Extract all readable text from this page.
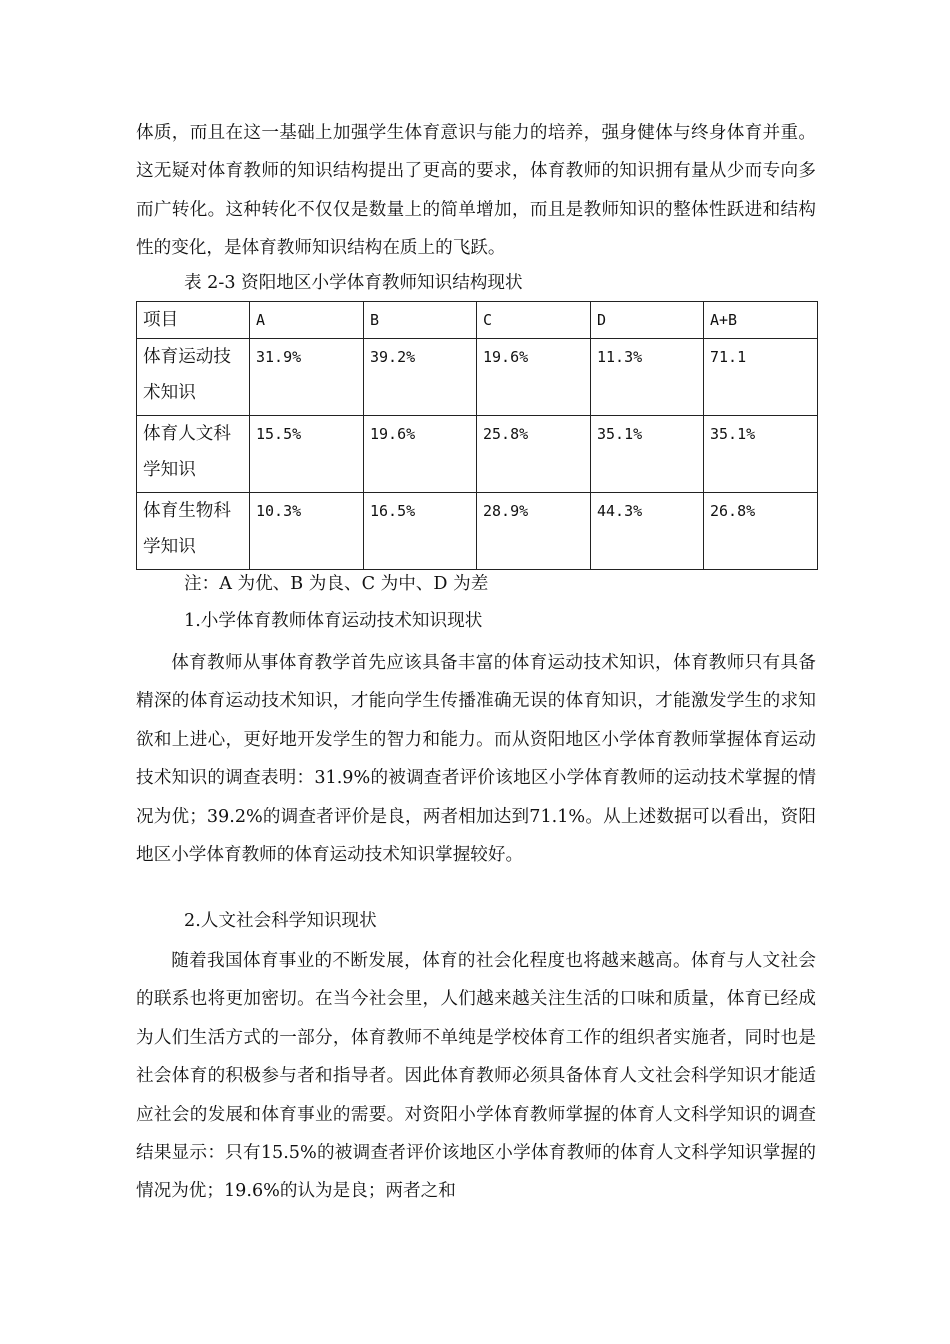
体质，而且在这一基础上加强学生体育意识与能力的培养，强身健体与终身体育并重。这无疑对体育教师的知识结构提出了更高的要求，体育教师的知识拥有量从少而专向多而广转化。这种转化不仅仅是数量上的简单增加，而且是教师知识的整体性跃进和结构性的变化，是体育教师知识结构在质上的飞跃。

表 2-3 资阳地区小学体育教师知识结构现状

项目	A	B	C	D	A+B
体育运动技术知识	31.9%	39.2%	19.6%	11.3%	71.1
体育人文科学知识	15.5%	19.6%	25.8%	35.1%	35.1%
体育生物科学知识	10.3%	16.5%	28.9%	44.3%	26.8%

注：A 为优、B 为良、C 为中、D 为差

1.小学体育教师体育运动技术知识现状

体育教师从事体育教学首先应该具备丰富的体育运动技术知识，体育教师只有具备精深的体育运动技术知识，才能向学生传播准确无误的体育知识，才能激发学生的求知欲和上进心，更好地开发学生的智力和能力。而从资阳地区小学体育教师掌握体育运动技术知识的调查表明：31.9%的被调查者评价该地区小学体育教师的运动技术掌握的情况为优；39.2%的调查者评价是良，两者相加达到71.1%。从上述数据可以看出，资阳地区小学体育教师的体育运动技术知识掌握较好。

2.人文社会科学知识现状

随着我国体育事业的不断发展，体育的社会化程度也将越来越高。体育与人文社会的联系也将更加密切。在当今社会里，人们越来越关注生活的口味和质量，体育已经成为人们生活方式的一部分，体育教师不单纯是学校体育工作的组织者实施者，同时也是社会体育的积极参与者和指导者。因此体育教师必须具备体育人文社会科学知识才能适应社会的发展和体育事业的需要。对资阳小学体育教师掌握的体育人文科学知识的调查结果显示：只有15.5%的被调查者评价该地区小学体育教师的体育人文科学知识掌握的情况为优；19.6%的认为是良；两者之和
